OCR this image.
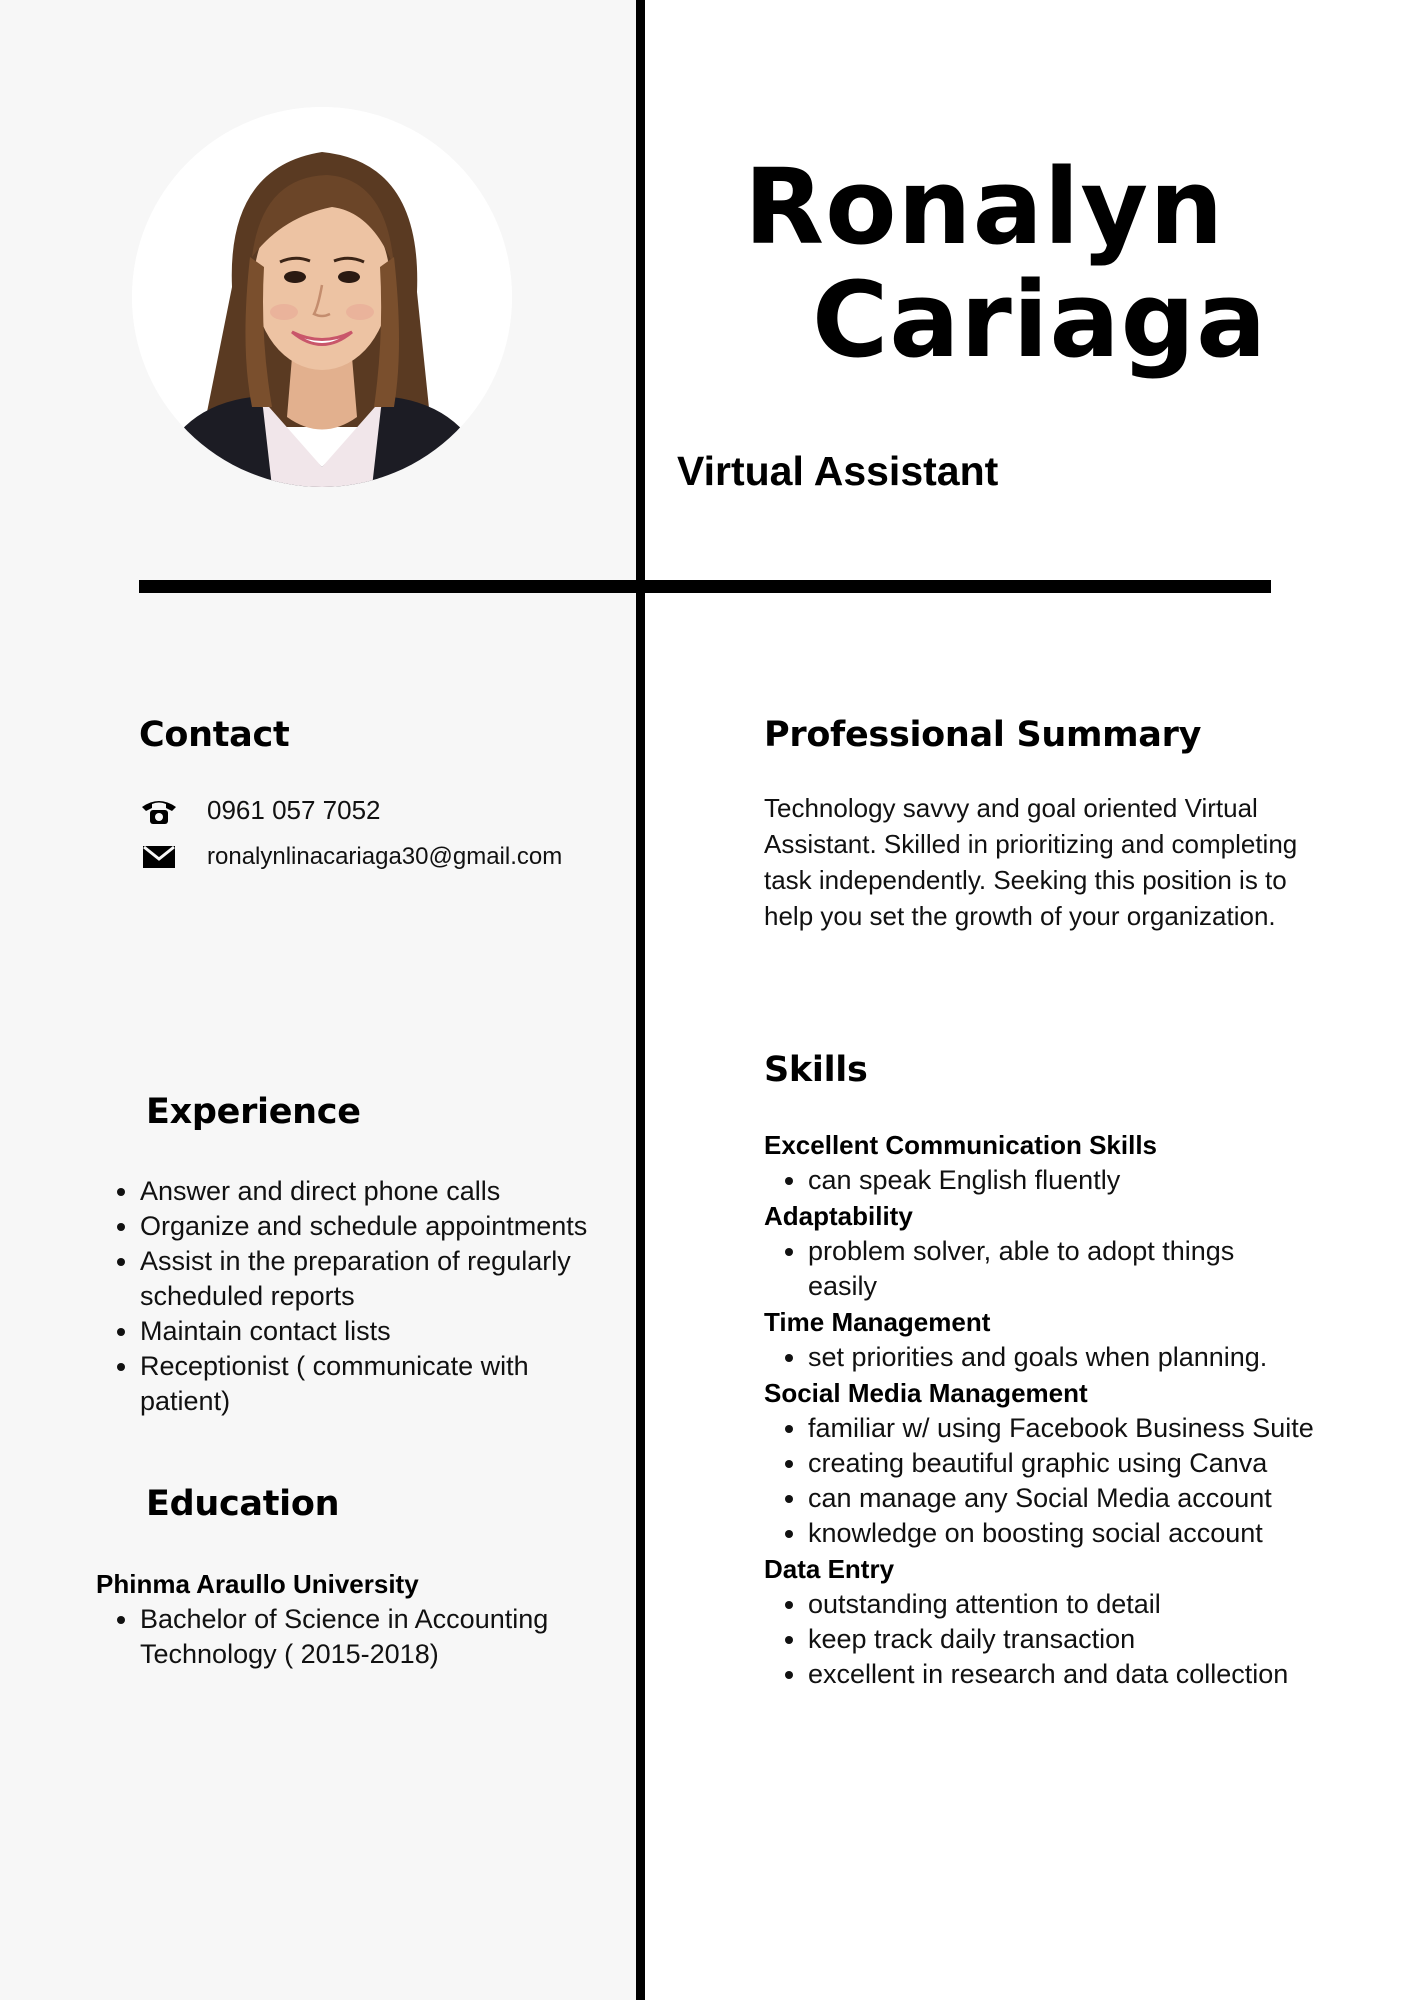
Ronalyn
Cariaga
Virtual Assistant
Contact
0961 057 7052
ronalynlinacariaga30@gmail.com
Experience
• Answer and direct phone calls
• Organize and schedule appointments
• Assist in the preparation of regularly scheduled reports
• Maintain contact lists
• Receptionist ( communicate with patient)
Education
Phinma Araullo University
• Bachelor of Science in Accounting Technology ( 2015-2018)
Professional Summary
Technology savvy and goal oriented Virtual Assistant. Skilled in prioritizing and completing task independently. Seeking this position is to help you set the growth of your organization.
Skills
Excellent Communication Skills
• can speak English fluently
Adaptability
• problem solver, able to adopt things easily
Time Management
• set priorities and goals when planning.
Social Media Management
• familiar w/ using Facebook Business Suite
• creating beautiful graphic using Canva
• can manage any Social Media account
• knowledge on boosting social account
Data Entry
• outstanding attention to detail
• keep track daily transaction
• excellent in research and data collection
